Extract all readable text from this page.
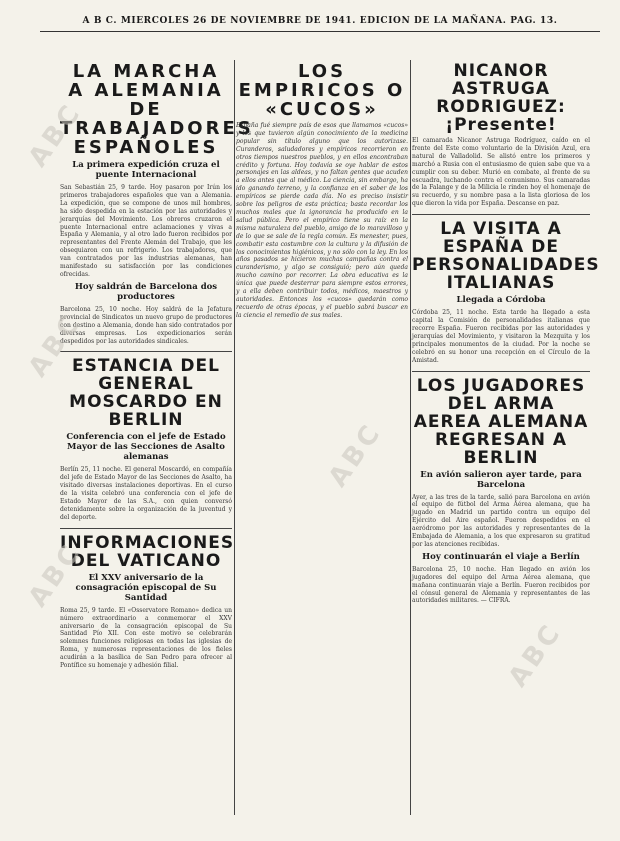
A B C. MIERCOLES 26 DE NOVIEMBRE DE 1941. EDICION DE LA MAÑANA. PAG. 13.
LA MARCHA A ALEMANIA DE TRABAJADORES ESPAÑOLES
La primera expedición cruza el puente Internacional
San Sebastián 25, 9 tarde. Hoy pasaron por Irún los primeros trabajadores españoles que van a Alemania. La expedición, que se compone de unos mil hombres, ha sido despedida en la estación por las autoridades y jerarquías del Movimiento. Los obreros cruzaron el puente Internacional entre aclamaciones y vivas a España y Alemania, y al otro lado fueron recibidos por representantes del Frente Alemán del Trabajo, que les obsequiaron con un refrigerio. Los trabajadores, que van contratados por las industrias alemanas, han manifestado su satisfacción por las condiciones ofrecidas.
Hoy saldrán de Barcelona dos productores
Barcelona 25, 10 noche. Hoy saldrá de la Jefatura provincial de Sindicatos un nuevo grupo de productores con destino a Alemania, donde han sido contratados por diversas empresas. Los expedicionarios serán despedidos por las autoridades sindicales.
ESTANCIA DEL GENERAL MOSCARDO EN BERLIN
Conferencia con el jefe de Estado Mayor de las Secciones de Asalto alemanas
Berlín 25, 11 noche. El general Moscardó, en compañía del jefe de Estado Mayor de las Secciones de Asalto, ha visitado diversas instalaciones deportivas. En el curso de la visita celebró una conferencia con el jefe de Estado Mayor de las S.A., con quien conversó detenidamente sobre la organización de la juventud y del deporte.
INFORMACIONES DEL VATICANO
El XXV aniversario de la consagración episcopal de Su Santidad
Roma 25, 9 tarde. El «Osservatore Romano» dedica un número extraordinario a conmemorar el XXV aniversario de la consagración episcopal de Su Santidad Pío XII. Con este motivo se celebrarán solemnes funciones religiosas en todas las iglesias de Roma, y numerosas representaciones de los fieles acudirán a la basílica de San Pedro para ofrecer al Pontífice su homenaje y adhesión filial.
LOS EMPIRICOS O «CUCOS»
España fué siempre país de esos que llamamos «cucos» y los que tuvieron algún conocimiento de la medicina popular sin título alguno que los autorizase. Curanderos, saludadores y empíricos recorrieron en otros tiempos nuestros pueblos, y en ellos encontraban crédito y fortuna. Hoy todavía se oye hablar de estos personajes en las aldeas, y no faltan gentes que acuden a ellos antes que al médico. La ciencia, sin embargo, ha ido ganando terreno, y la confianza en el saber de los empíricos se pierde cada día. No es preciso insistir sobre los peligros de esta práctica; basta recordar los muchos males que la ignorancia ha producido en la salud pública. Pero el empírico tiene su raíz en la misma naturaleza del pueblo, amigo de lo maravilloso y de lo que se sale de la regla común. Es menester, pues, combatir esta costumbre con la cultura y la difusión de los conocimientos higiénicos, y no sólo con la ley. En los años pasados se hicieron muchas campañas contra el curanderismo, y algo se consiguió; pero aún queda mucho camino por recorrer. La obra educativa es la única que puede desterrar para siempre estos errores, y a ella deben contribuir todos, médicos, maestros y autoridades. Entonces los «cucos» quedarán como recuerdo de otras épocas, y el pueblo sabrá buscar en la ciencia el remedio de sus males.
NICANOR ASTRUGA RODRIGUEZ: ¡Presente!
El camarada Nicanor Astruga Rodríguez, caído en el frente del Este como voluntario de la División Azul, era natural de Valladolid. Se alistó entre los primeros y marchó a Rusia con el entusiasmo de quien sabe que va a cumplir con su deber. Murió en combate, al frente de su escuadra, luchando contra el comunismo. Sus camaradas de la Falange y de la Milicia le rinden hoy el homenaje de su recuerdo, y su nombre pasa a la lista gloriosa de los que dieron la vida por España. Descanse en paz.
LA VISITA A ESPAÑA DE PERSONALIDADES ITALIANAS
Llegada a Córdoba
Córdoba 25, 11 noche. Esta tarde ha llegado a esta capital la Comisión de personalidades italianas que recorre España. Fueron recibidas por las autoridades y jerarquías del Movimiento, y visitaron la Mezquita y los principales monumentos de la ciudad. Por la noche se celebró en su honor una recepción en el Círculo de la Amistad.
LOS JUGADORES DEL ARMA AEREA ALEMANA REGRESAN A BERLIN
En avión salieron ayer tarde, para Barcelona
Ayer, a las tres de la tarde, salió para Barcelona en avión el equipo de fútbol del Arma Aérea alemana, que ha jugado en Madrid un partido contra un equipo del Ejército del Aire español. Fueron despedidos en el aeródromo por las autoridades y representantes de la Embajada de Alemania, a los que expresaron su gratitud por las atenciones recibidas.
Hoy continuarán el viaje a Berlín
Barcelona 25, 10 noche. Han llegado en avión los jugadores del equipo del Arma Aérea alemana, que mañana continuarán viaje a Berlín. Fueron recibidos por el cónsul general de Alemania y representantes de las autoridades militares. — CIFRA.
ABC
ABC
ABC
ABC
ABC
